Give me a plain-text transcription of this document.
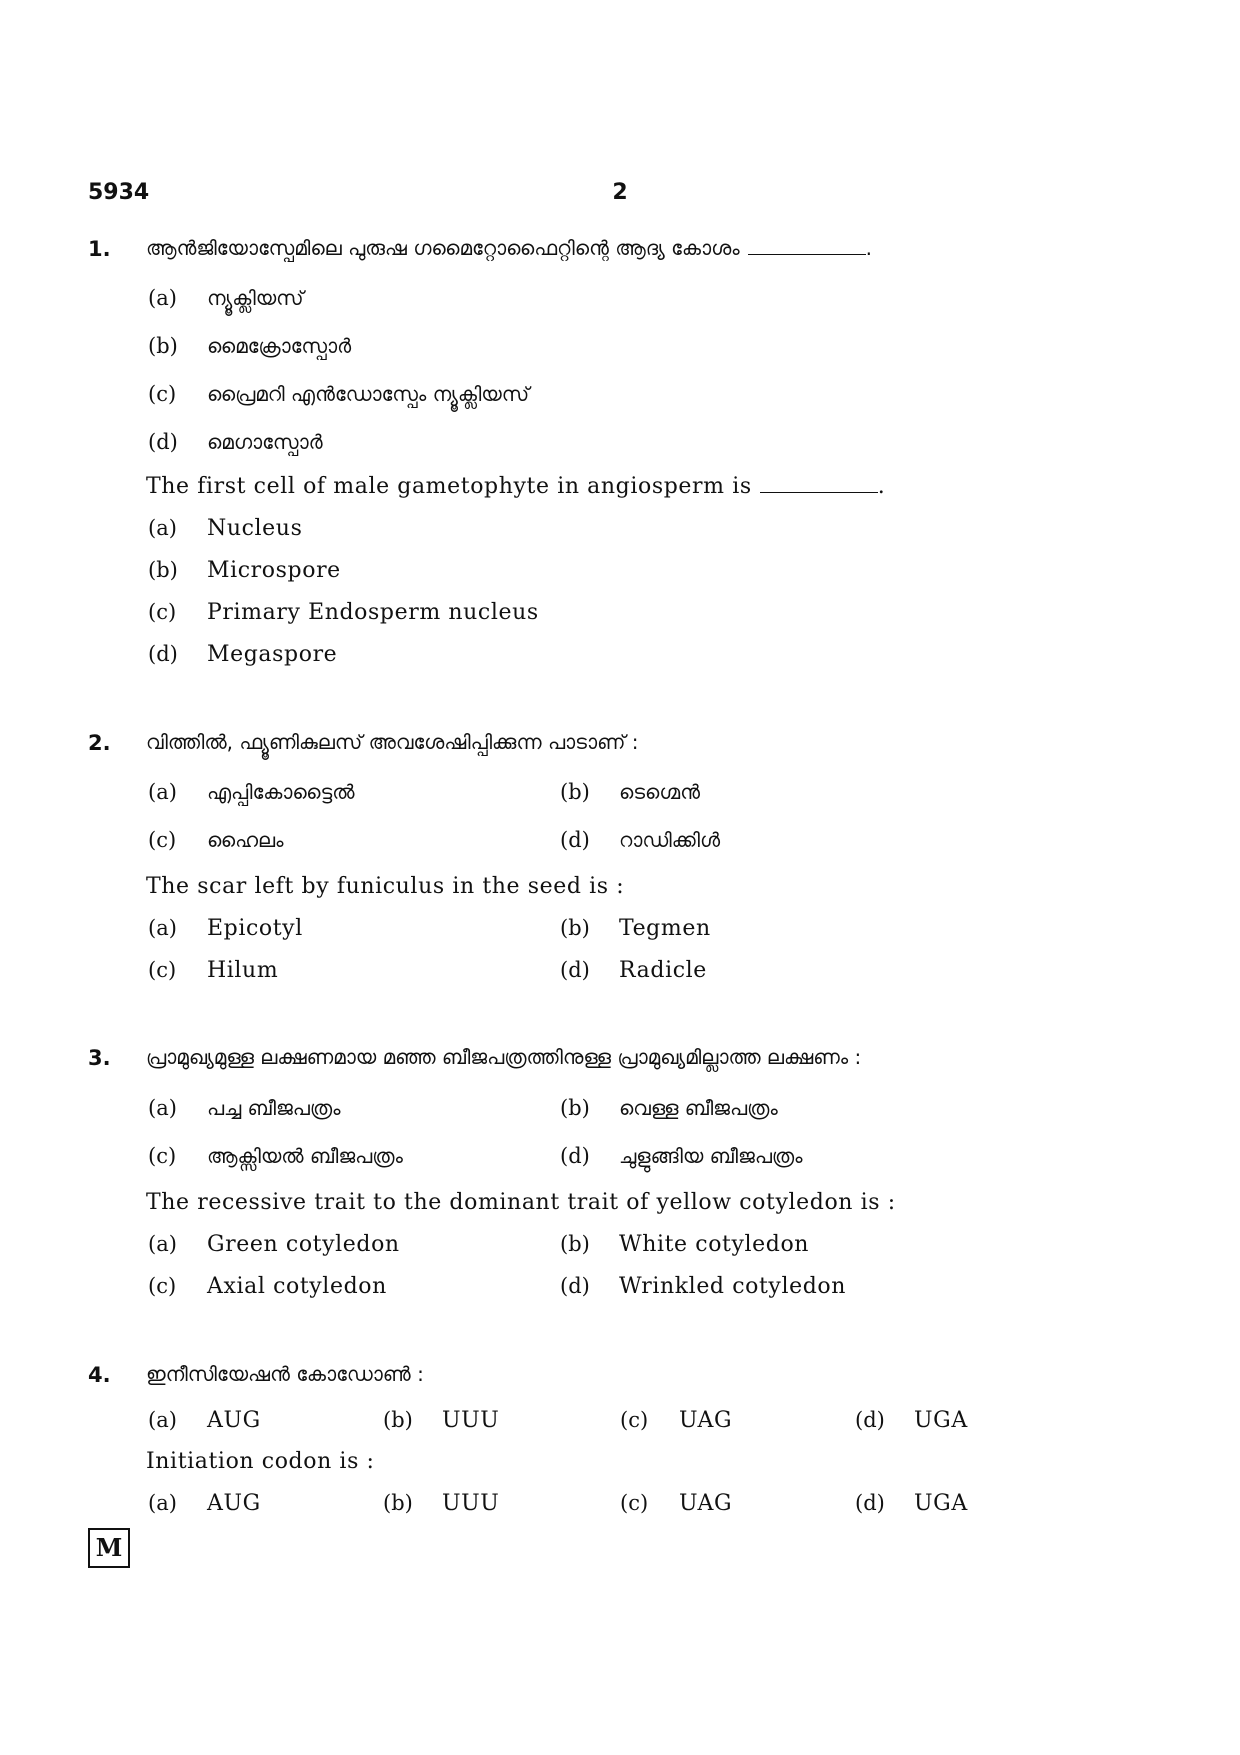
5934	2
1. ആൻജിയോസ്പേമിലെ പുരുഷ ഗമൈറ്റോഫൈറ്റിന്റെ ആദ്യ കോശം	.
(a) ന്യൂക്ലിയസ്
(b) മൈക്രോസ്പോർ
(c) പ്രൈമറി എൻഡോസ്പേം ന്യൂക്ലിയസ്
(d) മെഗാസ്പോർ
The first cell of male gametophyte in angiosperm is	.
(a) Nucleus
(b) Microspore
(c) Primary Endosperm nucleus
(d) Megaspore
2. വിത്തിൽ, ഫ്യൂണികുലസ് അവശേഷിപ്പിക്കുന്ന പാടാണ് :
(a) എപ്പികോട്ടൈൽ	(b) ടെഗ്മെൻ
(c) ഹൈലം	(d) റാഡിക്കിൾ
The scar left by funiculus in the seed is :
(a) Epicotyl	(b) Tegmen
(c) Hilum	(d) Radicle
3. പ്രാമുഖ്യമുള്ള ലക്ഷണമായ മഞ്ഞ ബീജപത്രത്തിനുള്ള പ്രാമുഖ്യമില്ലാത്ത ലക്ഷണം :
(a) പച്ച ബീജപത്രം	(b) വെള്ള ബീജപത്രം
(c) ആക്സിയൽ ബീജപത്രം	(d) ചുളുങ്ങിയ ബീജപത്രം
The recessive trait to the dominant trait of yellow cotyledon is :
(a) Green cotyledon	(b) White cotyledon
(c) Axial cotyledon	(d) Wrinkled cotyledon
4. ഇനീസിയേഷൻ കോഡോൺ :
(a) AUG	(b) UUU	(c) UAG	(d) UGA
Initiation codon is :
(a) AUG	(b) UUU	(c) UAG	(d) UGA
M
